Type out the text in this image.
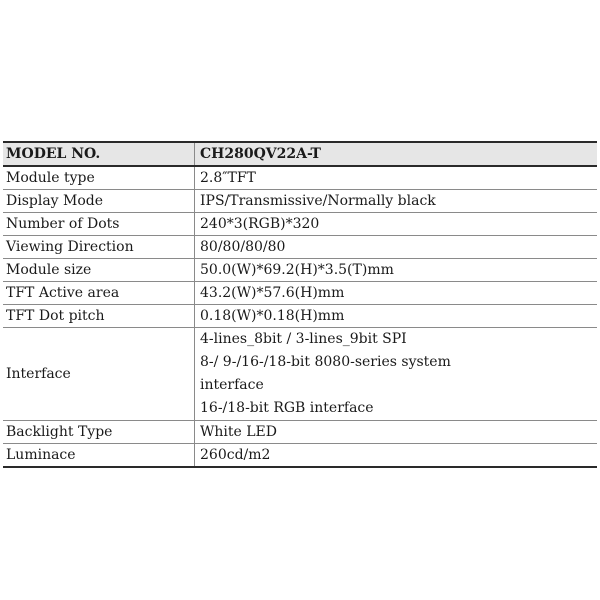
MODEL NO.	CH280QV22A-T
Module type	2.8″TFT
Display Mode	IPS/Transmissive/Normally black
Number of Dots	240*3(RGB)*320
Viewing Direction	80/80/80/80
Module size	50.0(W)*69.2(H)*3.5(T)mm
TFT Active area	43.2(W)*57.6(H)mm
TFT Dot pitch	0.18(W)*0.18(H)mm
Interface	4-lines_8bit / 3-lines_9bit SPI
8-/ 9-/16-/18-bit 8080-series system
interface
16-/18-bit RGB interface

Backlight Type	White LED
Luminace	260cd/m2
